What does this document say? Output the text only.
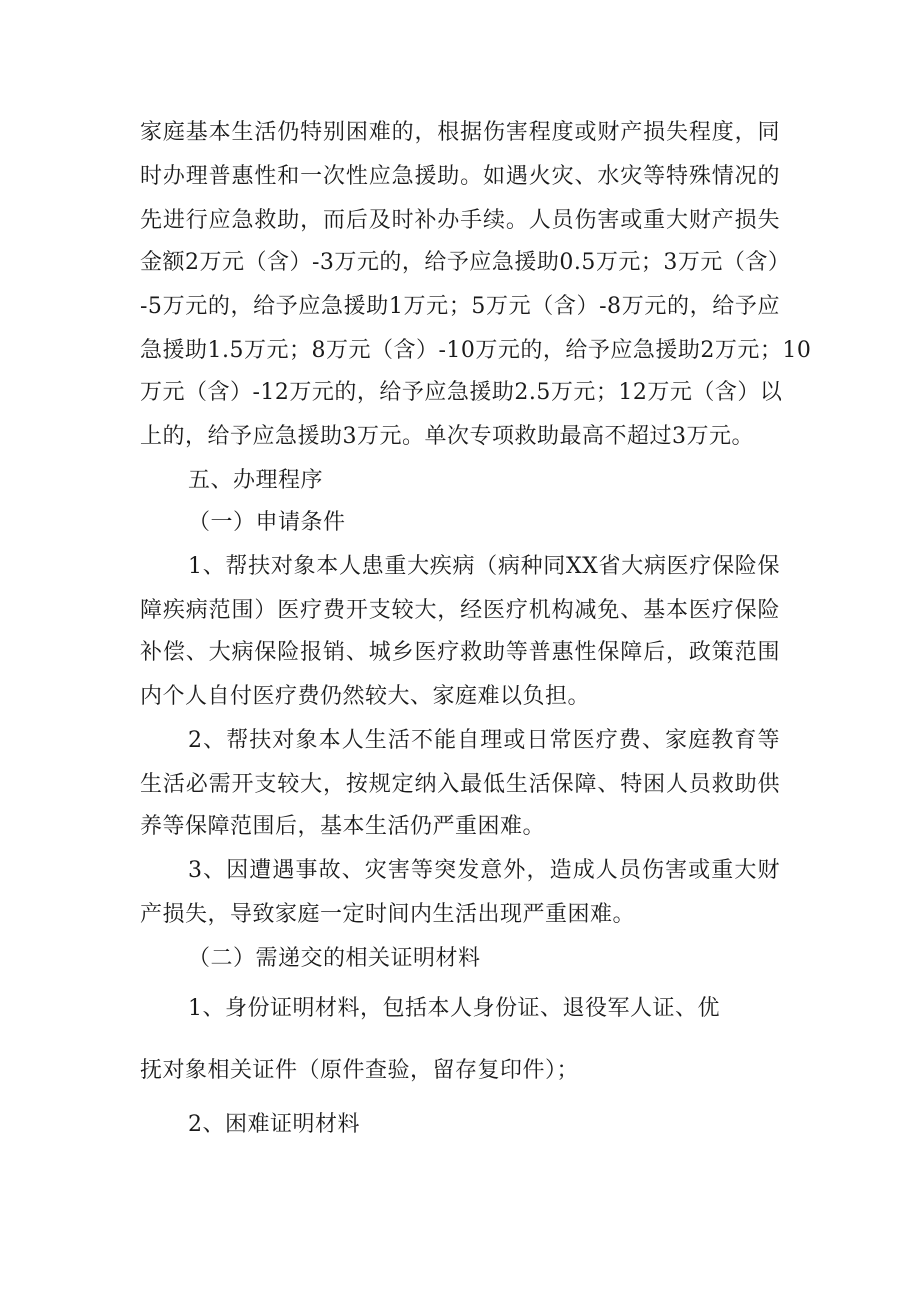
家庭基本生活仍特别困难的，根据伤害程度或财产损失程度，同

时办理普惠性和一次性应急援助。如遇火灾、水灾等特殊情况的

先进行应急救助，而后及时补办手续。人员伤害或重大财产损失

金额2万元（含）-3万元的，给予应急援助0.5万元；3万元（含）

-5万元的，给予应急援助1万元；5万元（含）-8万元的，给予应

急援助1.5万元；8万元（含）-10万元的，给予应急援助2万元；10

万元（含）-12万元的，给予应急援助2.5万元；12万元（含）以

上的，给予应急援助3万元。单次专项救助最高不超过3万元。

五、办理程序

（一）申请条件

1、帮扶对象本人患重大疾病（病种同XX省大病医疗保险保

障疾病范围）医疗费开支较大，经医疗机构减免、基本医疗保险

补偿、大病保险报销、城乡医疗救助等普惠性保障后，政策范围

内个人自付医疗费仍然较大、家庭难以负担。

2、帮扶对象本人生活不能自理或日常医疗费、家庭教育等

生活必需开支较大，按规定纳入最低生活保障、特困人员救助供

养等保障范围后，基本生活仍严重困难。

3、因遭遇事故、灾害等突发意外，造成人员伤害或重大财

产损失，导致家庭一定时间内生活出现严重困难。

（二）需递交的相关证明材料

1、身份证明材料，包括本人身份证、退役军人证、优

抚对象相关证件（原件查验，留存复印件）；

2、困难证明材料
